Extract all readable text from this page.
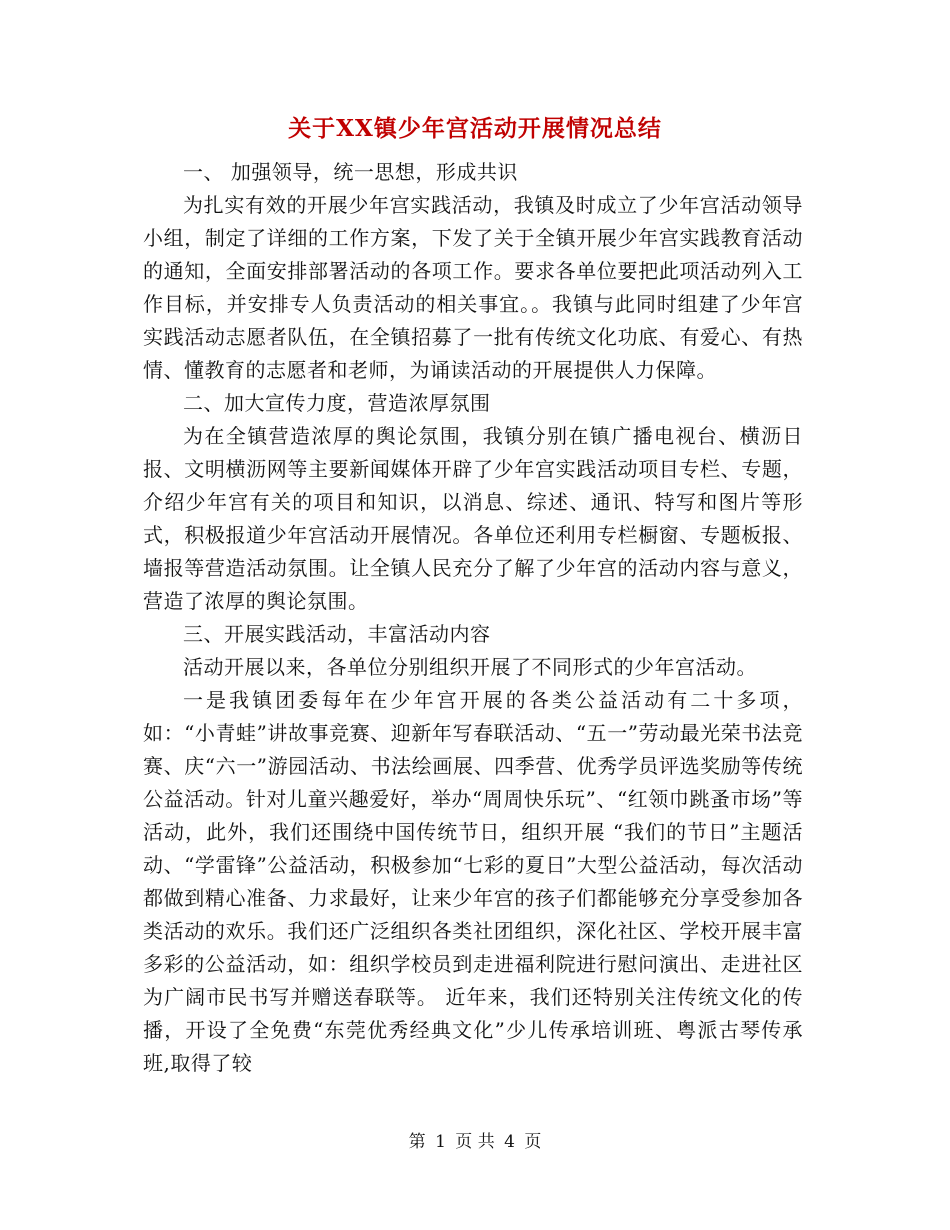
关于XX镇少年宫活动开展情况总结

一、 加强领导，统一思想，形成共识

为扎实有效的开展少年宫实践活动，我镇及时成立了少年宫活动领导小组，制定了详细的工作方案，下发了关于全镇开展少年宫实践教育活动的通知，全面安排部署活动的各项工作。要求各单位要把此项活动列入工作目标，并安排专人负责活动的相关事宜。。我镇与此同时组建了少年宫实践活动志愿者队伍，在全镇招募了一批有传统文化功底、有爱心、有热情、懂教育的志愿者和老师，为诵读活动的开展提供人力保障。

二、加大宣传力度，营造浓厚氛围

为在全镇营造浓厚的舆论氛围，我镇分别在镇广播电视台、横沥日报、文明横沥网等主要新闻媒体开辟了少年宫实践活动项目专栏、专题，介绍少年宫有关的项目和知识，以消息、综述、通讯、特写和图片等形式，积极报道少年宫活动开展情况。各单位还利用专栏橱窗、专题板报、墙报等营造活动氛围。让全镇人民充分了解了少年宫的活动内容与意义，营造了浓厚的舆论氛围。

三、开展实践活动，丰富活动内容

活动开展以来，各单位分别组织开展了不同形式的少年宫活动。

一是我镇团委每年在少年宫开展的各类公益活动有二十多项，如：“小青蛙”讲故事竞赛、迎新年写春联活动、“五一”劳动最光荣书法竞赛、庆“六一”游园活动、书法绘画展、四季营、优秀学员评选奖励等传统公益活动。针对儿童兴趣爱好，举办“周周快乐玩”、“红领巾跳蚤市场”等活动，此外，我们还围绕中国传统节日，组织开展 “我们的节日”主题活动、“学雷锋”公益活动，积极参加“七彩的夏日”大型公益活动，每次活动都做到精心准备、力求最好，让来少年宫的孩子们都能够充分享受参加各类活动的欢乐。我们还广泛组织各类社团组织，深化社区、学校开展丰富多彩的公益活动，如：组织学校员到走进福利院进行慰问演出、走进社区为广阔市民书写并赠送春联等。 近年来，我们还特别关注传统文化的传播，开设了全免费“东莞优秀经典文化”少儿传承培训班、粤派古琴传承班,取得了较

第 1 页 共 4 页
